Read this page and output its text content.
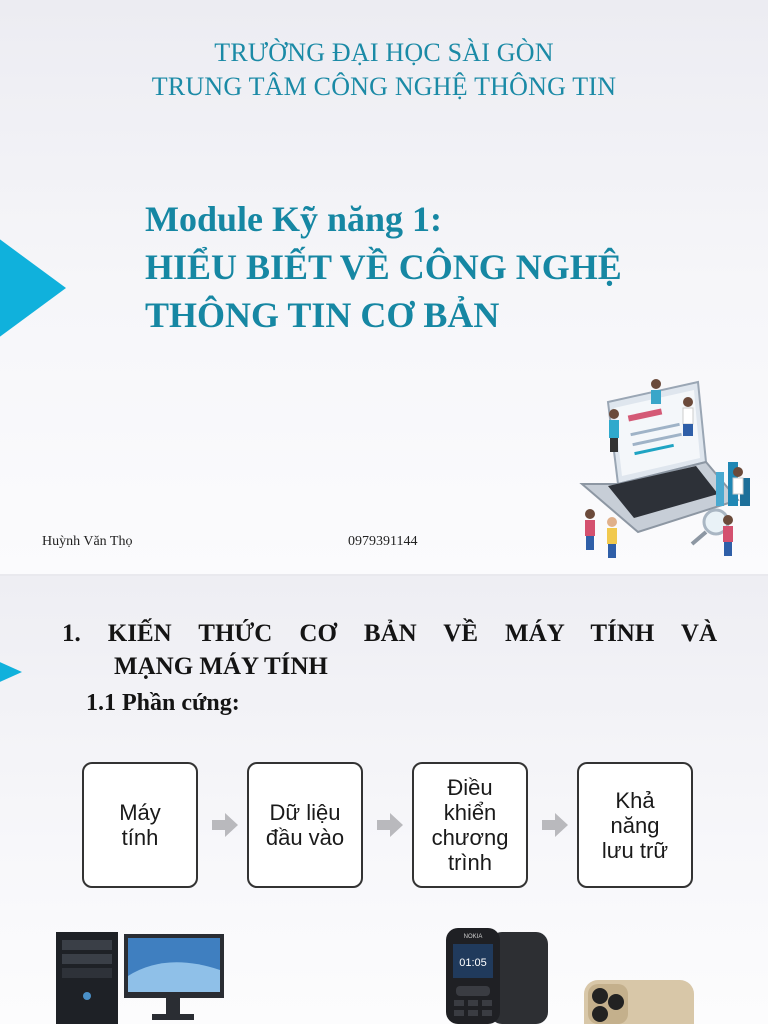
TRƯỜNG ĐẠI HỌC SÀI GÒN
TRUNG TÂM CÔNG NGHỆ THÔNG TIN
Module Kỹ năng 1:
HIỂU BIẾT VỀ CÔNG NGHỆ
THÔNG TIN CƠ BẢN
Huỳnh Văn Thọ	0979391144
1. KIẾN THỨC CƠ BẢN VỀ MÁY TÍNH VÀ
MẠNG MÁY TÍNH
1.1 Phần cứng:
Máy
tính
Dữ liệu
đầu vào
Điều
khiển
chương
trình
Khả
năng
lưu trữ
NOKIA
01:05
